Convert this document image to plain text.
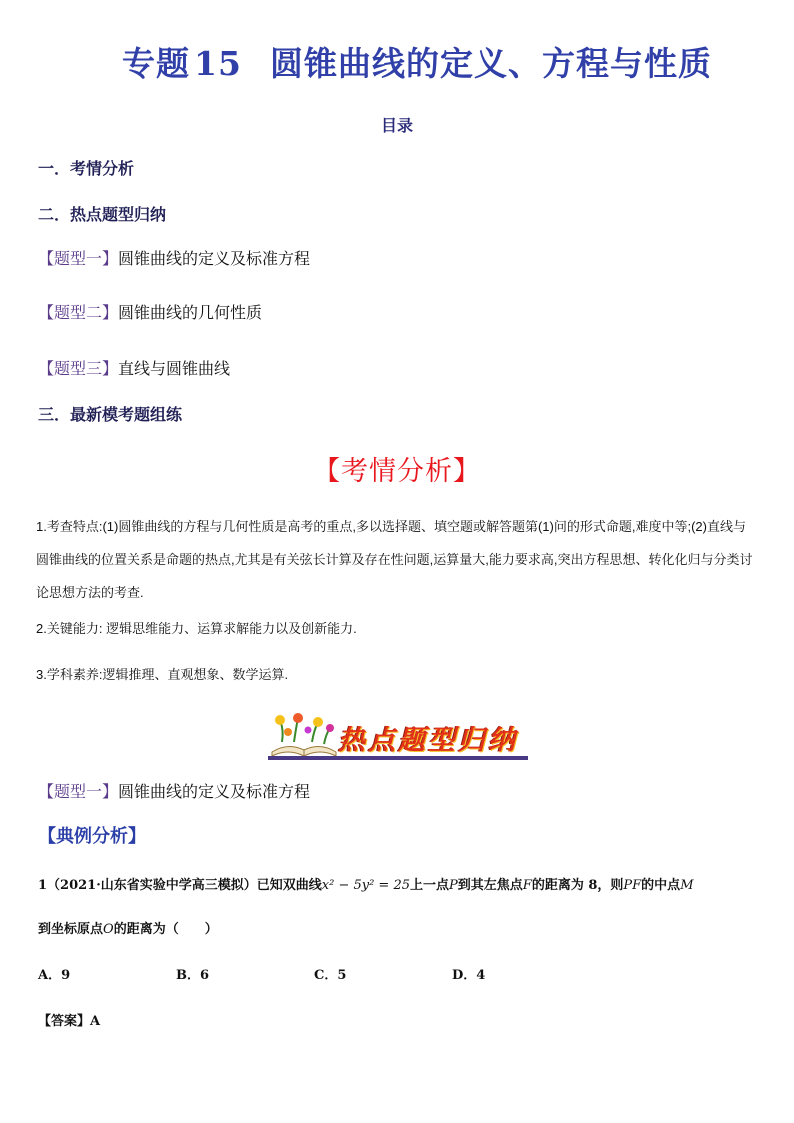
专题 15 圆锥曲线的定义、方程与性质
目录
一．考情分析
二．热点题型归纳
【题型一】圆锥曲线的定义及标准方程
【题型二】圆锥曲线的几何性质
【题型三】直线与圆锥曲线
三．最新模考题组练
【考情分析】
1.考查特点:(1)圆锥曲线的方程与几何性质是高考的重点,多以选择题、填空题或解答题第(1)问的形式命题,难度中等;(2)直线与圆锥曲线的位置关系是命题的热点,尤其是有关弦长计算及存在性问题,运算量大,能力要求高,突出方程思想、转化化归与分类讨论思想方法的考查.
2.关键能力: 逻辑思维能力、运算求解能力以及创新能力.
3.学科素养:逻辑推理、直观想象、数学运算.
热点题型归纳
【题型一】圆锥曲线的定义及标准方程
【典例分析】
1（2021·山东省实验中学高三模拟）已知双曲线x² − 5y² = 25上一点P到其左焦点F的距离为 8，则PF的中点M
到坐标原点O的距离为（　　）
A．9	B．6	C．5	D．4
【答案】A
